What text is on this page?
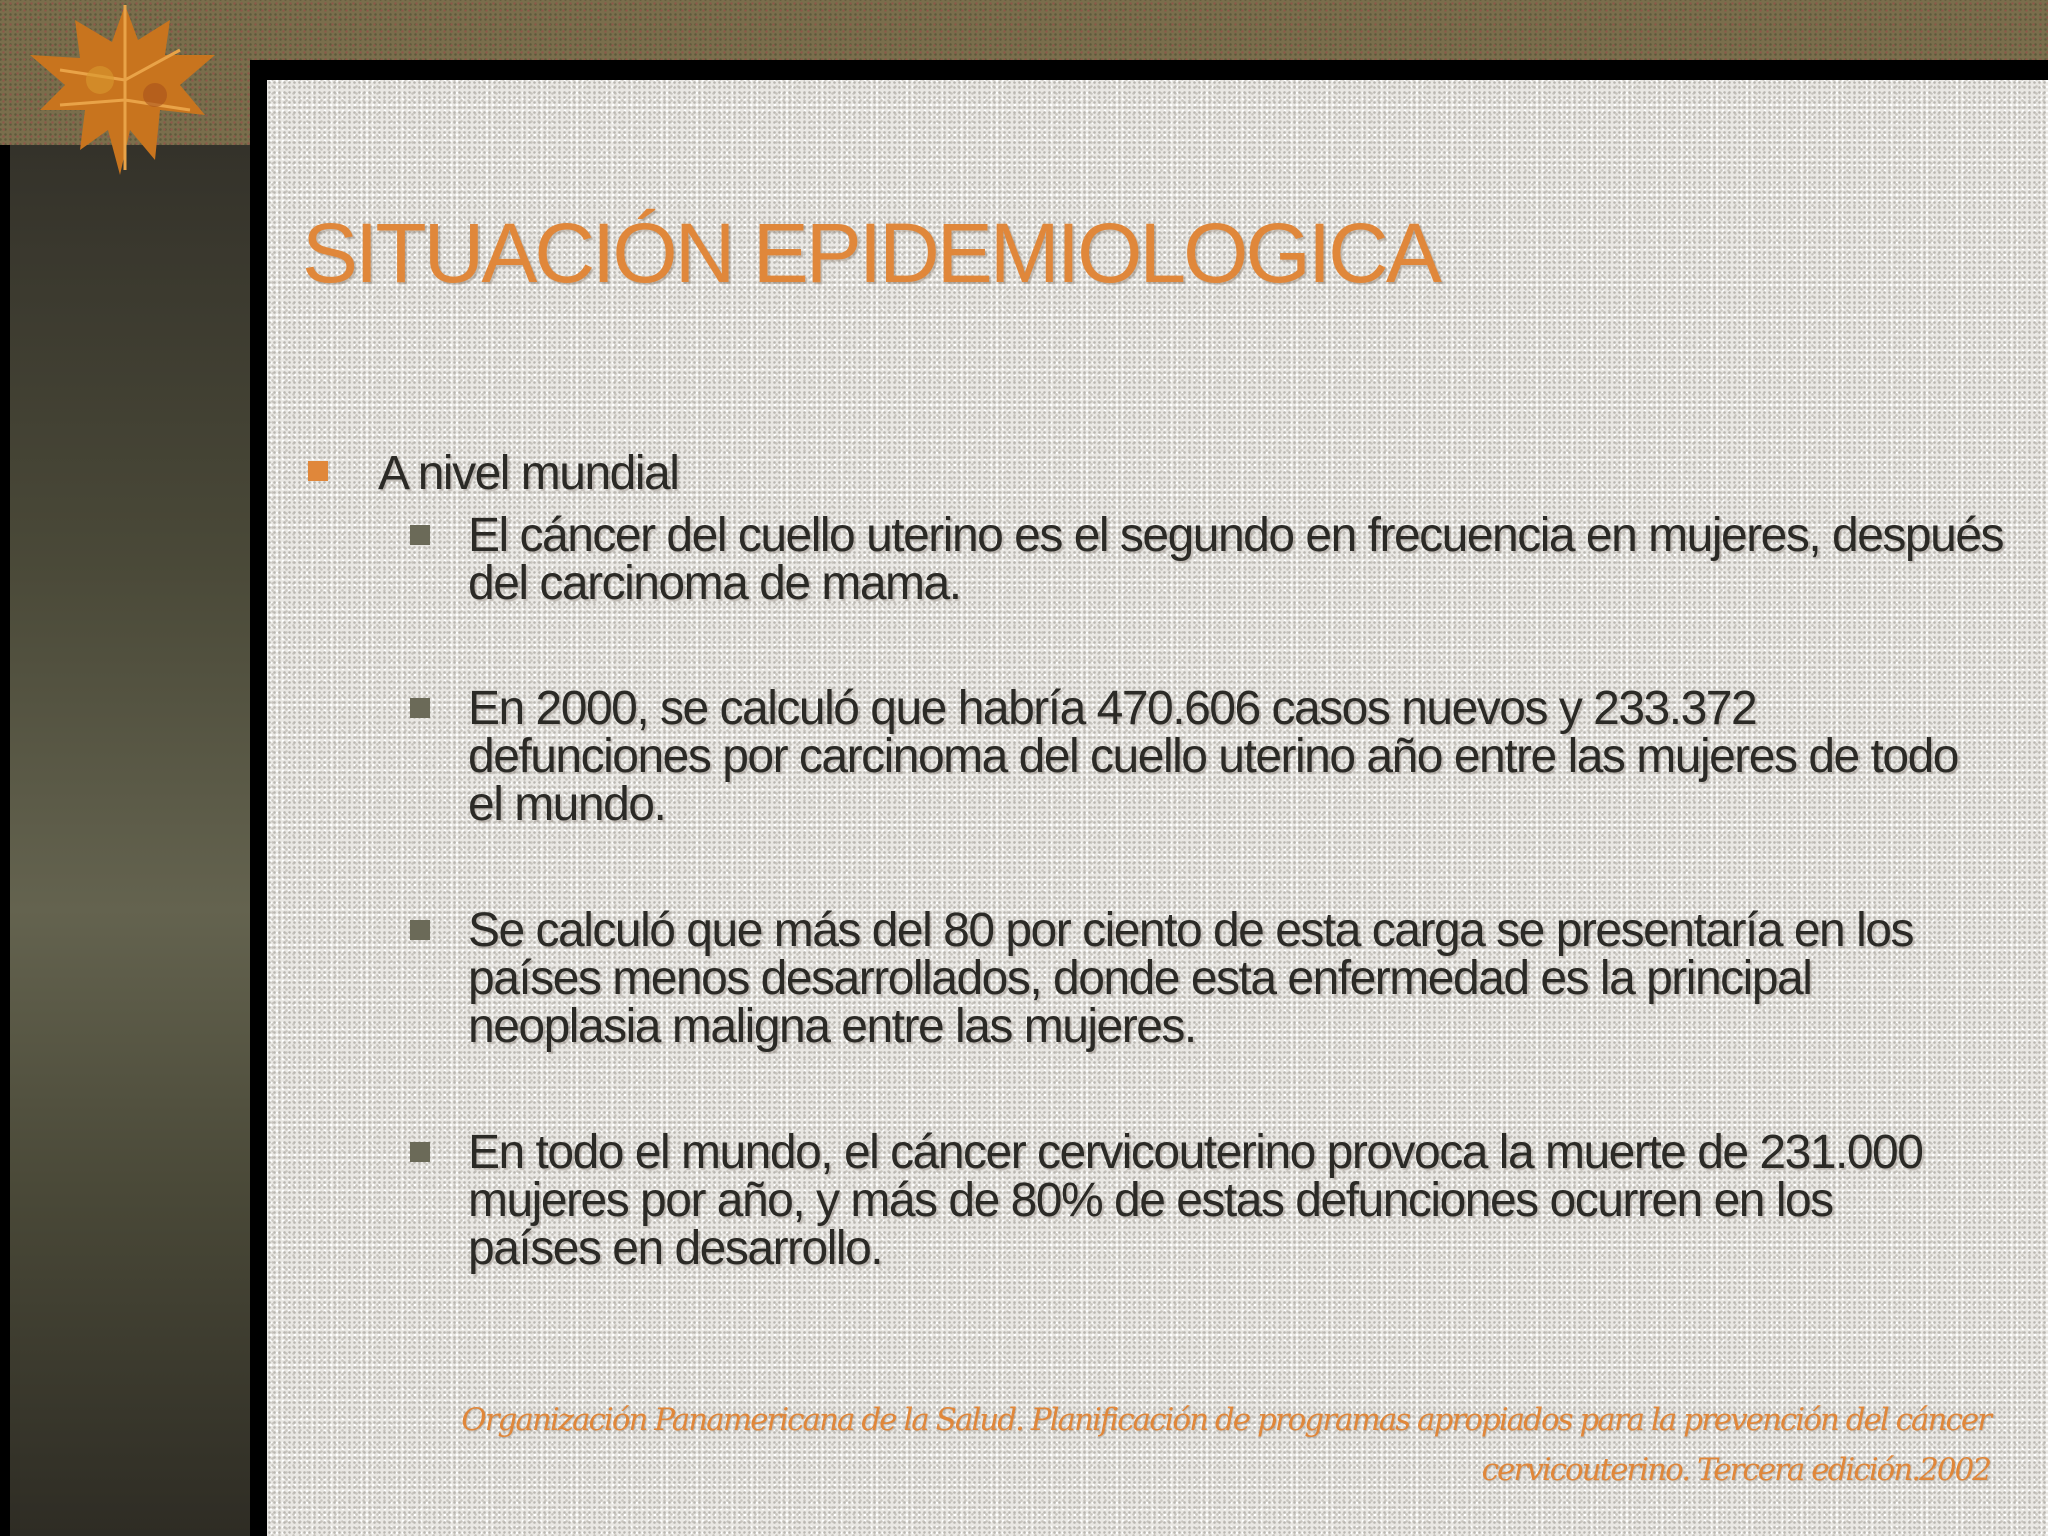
SITUACIÓN EPIDEMIOLOGICA
A nivel mundial
El cáncer del cuello uterino es el segundo en frecuencia en mujeres, después del carcinoma de mama.
En 2000, se calculó que habría 470.606 casos nuevos y 233.372 defunciones por carcinoma del cuello uterino año entre las mujeres de todo el mundo.
Se calculó que más del 80 por ciento de esta carga se presentaría en los países menos desarrollados, donde esta enfermedad es la principal neoplasia maligna entre las mujeres.
En todo el mundo, el cáncer cervicouterino provoca la muerte de 231.000 mujeres por año, y más de 80% de estas defunciones ocurren en los países en desarrollo.
Organización Panamericana de la Salud. Planificación de programas apropiados para la prevención del cáncer cervicouterino. Tercera edición.2002
